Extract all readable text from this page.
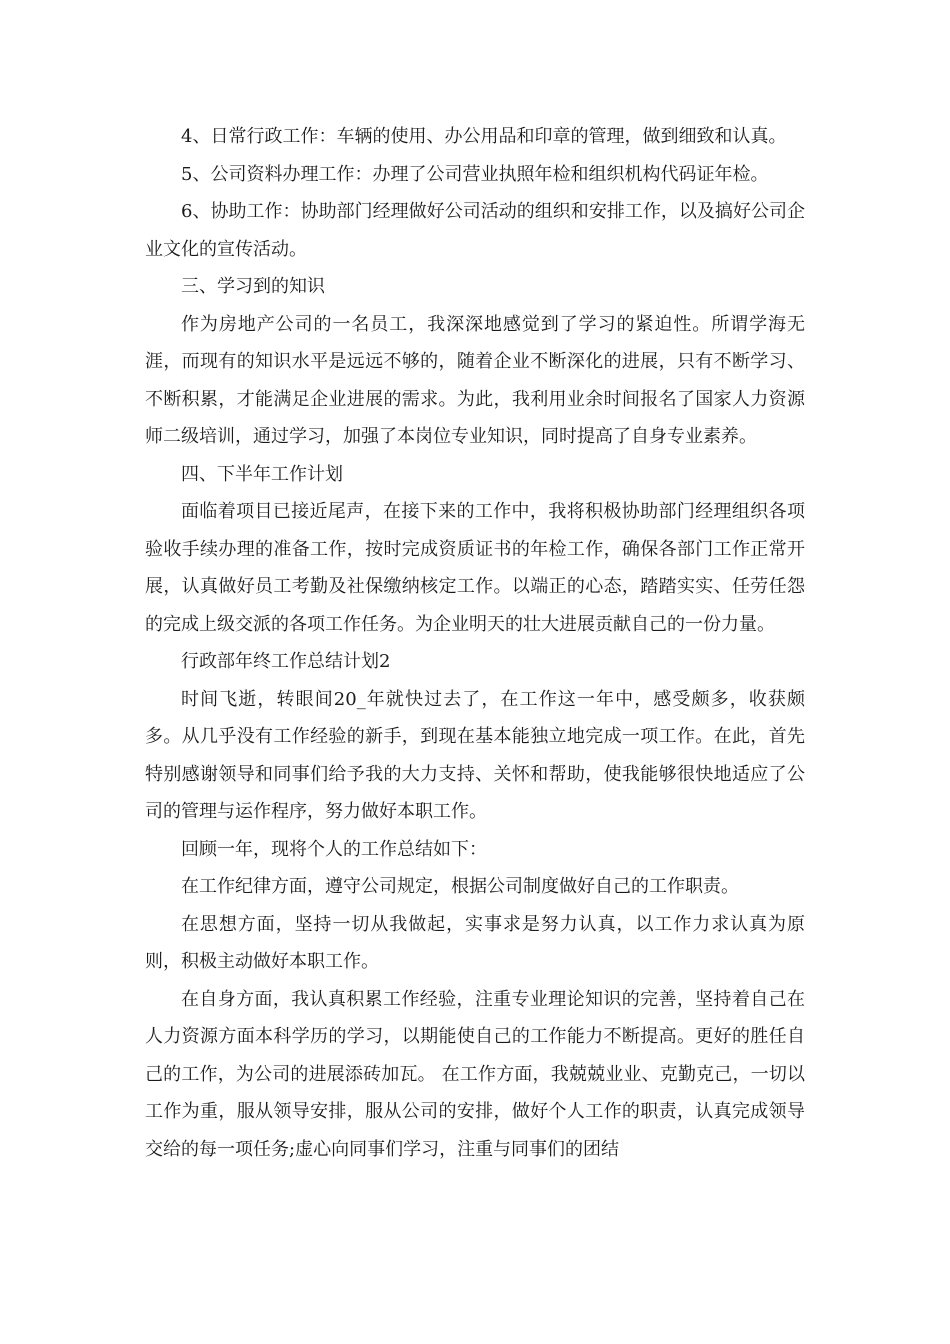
4、日常行政工作：车辆的使用、办公用品和印章的管理，做到细致和认真。

5、公司资料办理工作：办理了公司营业执照年检和组织机构代码证年检。

6、协助工作：协助部门经理做好公司活动的组织和安排工作，以及搞好公司企业文化的宣传活动。

三、学习到的知识

作为房地产公司的一名员工，我深深地感觉到了学习的紧迫性。所谓学海无涯，而现有的知识水平是远远不够的，随着企业不断深化的进展，只有不断学习、不断积累，才能满足企业进展的需求。为此，我利用业余时间报名了国家人力资源师二级培训，通过学习，加强了本岗位专业知识，同时提高了自身专业素养。

四、下半年工作计划

面临着项目已接近尾声，在接下来的工作中，我将积极协助部门经理组织各项验收手续办理的准备工作，按时完成资质证书的年检工作，确保各部门工作正常开展，认真做好员工考勤及社保缴纳核定工作。以端正的心态，踏踏实实、任劳任怨的完成上级交派的各项工作任务。为企业明天的壮大进展贡献自己的一份力量。

行政部年终工作总结计划2

时间飞逝，转眼间20_年就快过去了，在工作这一年中，感受颇多，收获颇多。从几乎没有工作经验的新手，到现在基本能独立地完成一项工作。在此，首先特别感谢领导和同事们给予我的大力支持、关怀和帮助，使我能够很快地适应了公司的管理与运作程序，努力做好本职工作。

回顾一年，现将个人的工作总结如下：

在工作纪律方面，遵守公司规定，根据公司制度做好自己的工作职责。

在思想方面，坚持一切从我做起，实事求是努力认真，以工作力求认真为原则，积极主动做好本职工作。

在自身方面，我认真积累工作经验，注重专业理论知识的完善，坚持着自己在人力资源方面本科学历的学习，以期能使自己的工作能力不断提高。更好的胜任自己的工作，为公司的进展添砖加瓦。 在工作方面，我兢兢业业、克勤克己，一切以工作为重，服从领导安排，服从公司的安排，做好个人工作的职责，认真完成领导交给的每一项任务;虚心向同事们学习，注重与同事们的团结
